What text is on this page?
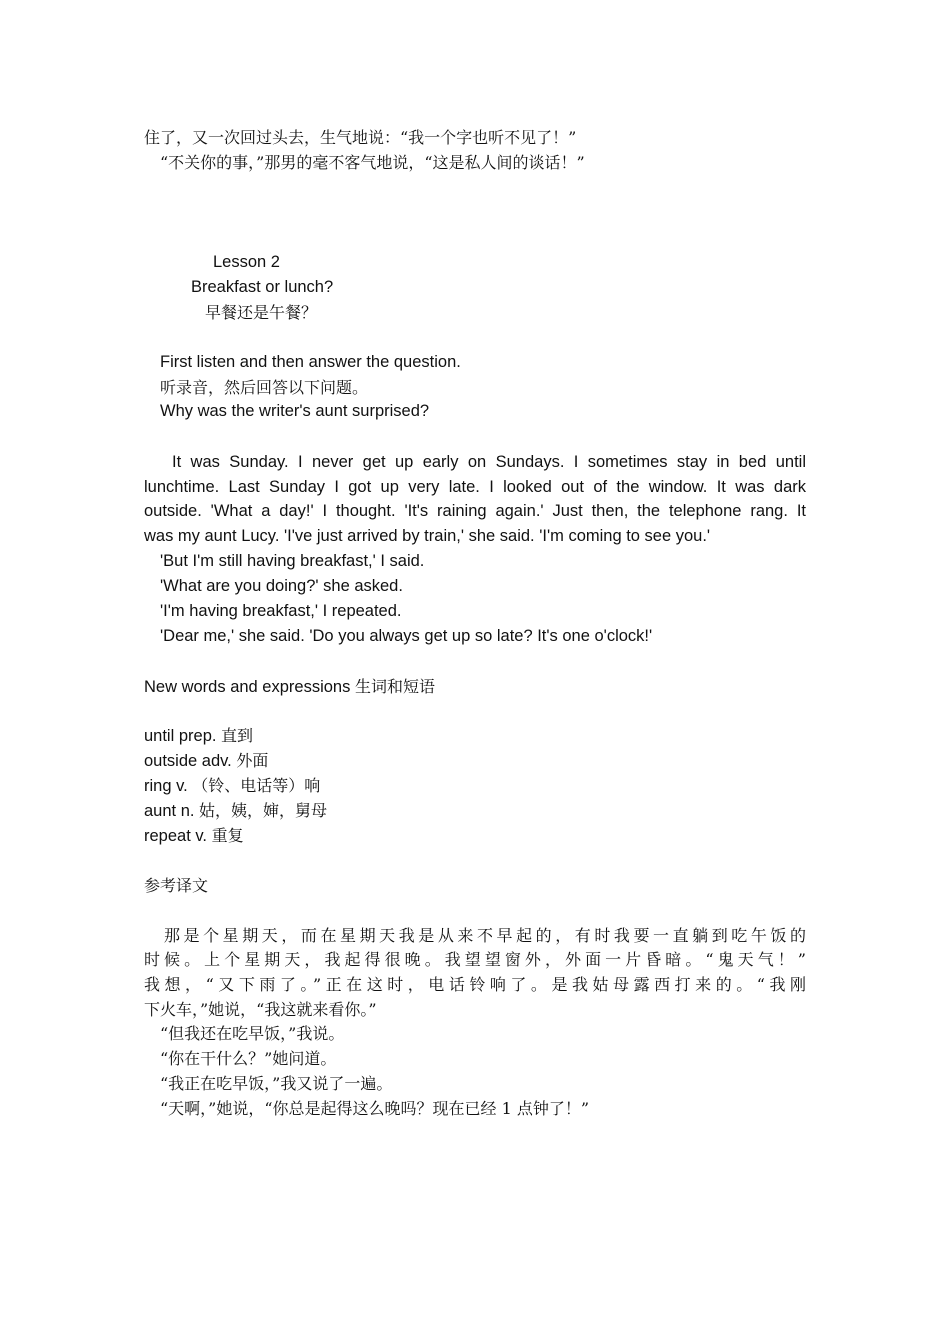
住了，又一次回过头去，生气地说：“我一个字也听不见了！”
“不关你的事，”那男的毫不客气地说，“这是私人间的谈话！”
Lesson 2
Breakfast or lunch?
早餐还是午餐？
First listen and then answer the question.
听录音，然后回答以下问题。
Why was the writer's aunt surprised?
It was Sunday. I never get up early on Sundays. I sometimes stay in bed until
lunchtime. Last Sunday I got up very late. I looked out of the window. It was dark
outside. 'What a day!' I thought. 'It's raining again.' Just then, the telephone rang. It
was my aunt Lucy. 'I've just arrived by train,' she said. 'I'm coming to see you.'
'But I'm still having breakfast,' I said.
'What are you doing?' she asked.
'I'm having breakfast,' I repeated.
'Dear me,' she said. 'Do you always get up so late? It's one o'clock!'
New words and expressions 生词和短语
until prep. 直到
outside adv. 外面
ring v. （铃、电话等）响
aunt n. 姑，姨，婶，舅母
repeat v. 重复
参考译文
那是个星期天，而在星期天我是从来不早起的，有时我要一直躺到吃午饭的
时候。上个星期天，我起得很晚。我望望窗外，外面一片昏暗。“鬼天气！”
我想，“又下雨了。”正在这时，电话铃响了。是我姑母露西打来的。“我刚
下火车，”她说，“我这就来看你。”
“但我还在吃早饭，”我说。
“你在干什么？”她问道。
“我正在吃早饭，”我又说了一遍。
“天啊，”她说，“你总是起得这么晚吗？现在已经 1 点钟了！”
